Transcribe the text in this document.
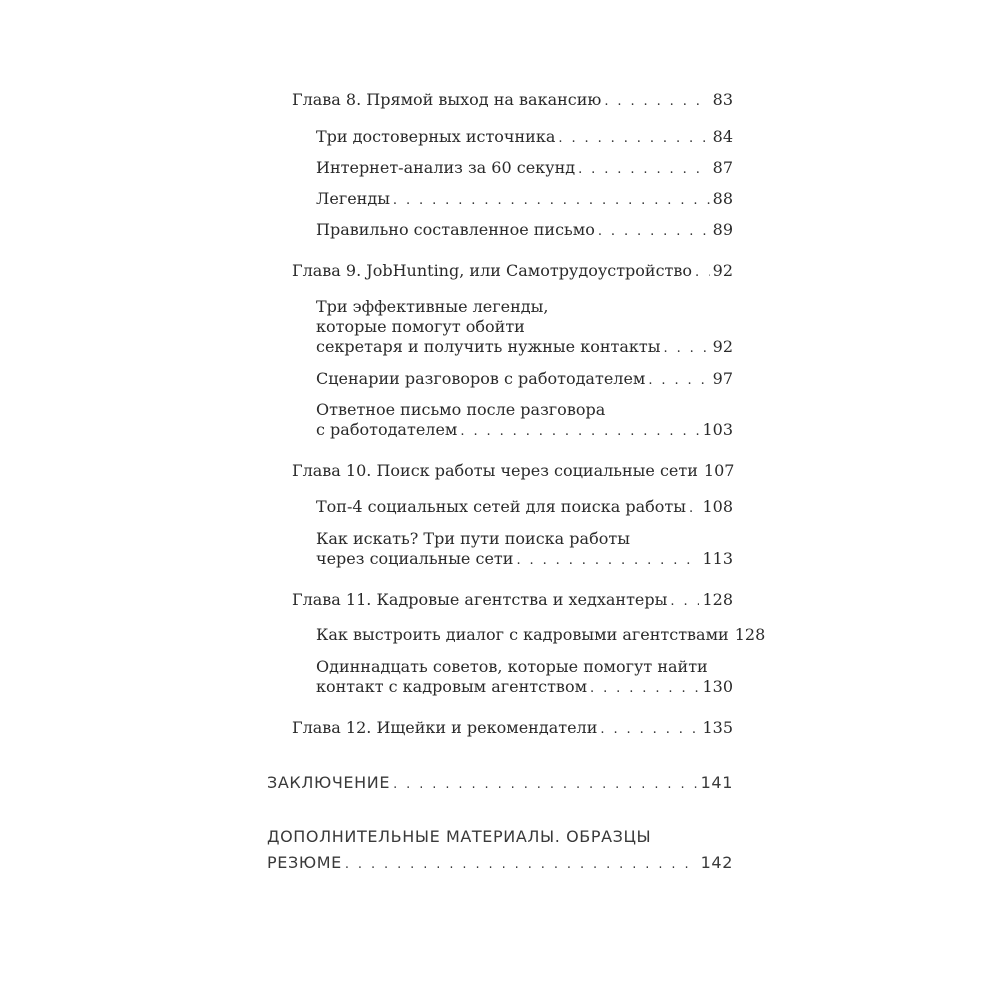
Глава 8. Прямой выход на вакансию . . .	83
Три достоверных источника . . .	84
Интернет-анализ за 60 секунд . . .	87
Легенды . . .	88
Правильно составленное письмо . . .	89
Глава 9. JobHunting, или Самотрудоустройство . . . 92
Три эффективные легенды,
которые помогут обойти
секретаря и получить нужные контакты . . .	92
Сценарии разговоров с работодателем . . .	97
Ответное письмо после разговора
с работодателем . . .	103
Глава 10. Поиск работы через социальные сети 107
Топ-4 социальных сетей для поиска работы . . . 108
Как искать? Три пути поиска работы
через социальные сети . . .	113
Глава 11. Кадровые агентства и хедхантеры . . . 128
Как выстроить диалог с кадровыми агентствами 128
Одиннадцать советов, которые помогут найти
контакт с кадровым агентством . . .	130
Глава 12. Ищейки и рекомендатели . . .	135
ЗАКЛЮЧЕНИЕ . . .	141
ДОПОЛНИТЕЛЬНЫЕ МАТЕРИАЛЫ. ОБРАЗЦЫ
РЕЗЮМЕ . . .	142
